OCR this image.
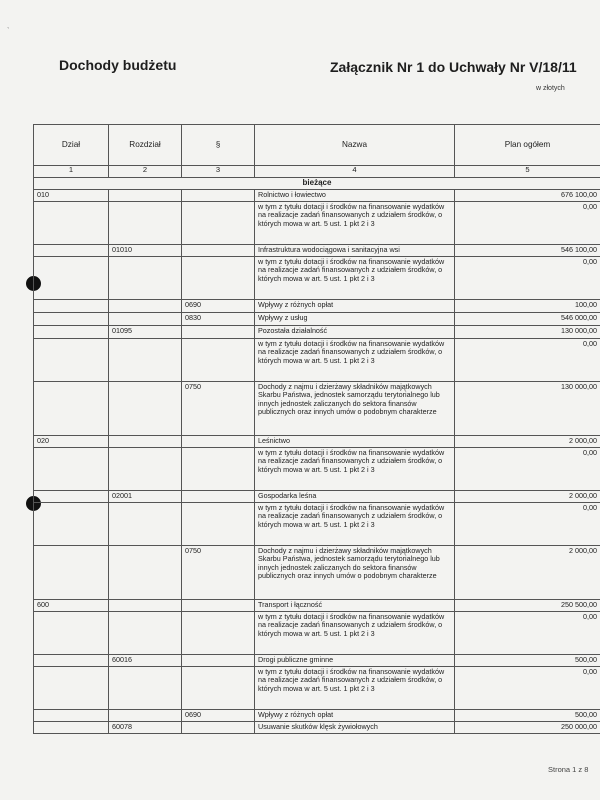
Dochody budżetu	Załącznik Nr 1 do Uchwały Nr V/18/11
w złotych
ˎ
Dział	Rozdział	§	Nazwa	Plan ogółem
1	2	3	4	5
bieżące				
010			Rolnictwo i łowiectwo	676 100,00
			w tym z tytułu dotacji i środków na finansowanie wydatków na realizacje zadań finansowanych z udziałem środków, o których mowa w art. 5 ust. 1 pkt 2 i 3	0,00
	01010		Infrastruktura wodociągowa i sanitacyjna wsi	546 100,00
			w tym z tytułu dotacji i środków na finansowanie wydatków na realizacje zadań finansowanych z udziałem środków, o których mowa w art. 5 ust. 1 pkt 2 i 3	0,00
		0690	Wpływy z różnych opłat	100,00
		0830	Wpływy z usług	546 000,00
	01095		Pozostała działalność	130 000,00
			w tym z tytułu dotacji i środków na finansowanie wydatków na realizacje zadań finansowanych z udziałem środków, o których mowa w art. 5 ust. 1 pkt 2 i 3	0,00
		0750	Dochody z najmu i dzierżawy składników majątkowych Skarbu Państwa, jednostek samorządu terytorialnego lub innych jednostek zaliczanych do sektora finansów publicznych oraz innych umów o podobnym charakterze	130 000,00
020			Leśnictwo	2 000,00
			w tym z tytułu dotacji i środków na finansowanie wydatków na realizacje zadań finansowanych z udziałem środków, o których mowa w art. 5 ust. 1 pkt 2 i 3	0,00
	02001		Gospodarka leśna	2 000,00
			w tym z tytułu dotacji i środków na finansowanie wydatków na realizacje zadań finansowanych z udziałem środków, o których mowa w art. 5 ust. 1 pkt 2 i 3	0,00
		0750	Dochody z najmu i dzierżawy składników majątkowych Skarbu Państwa, jednostek samorządu terytorialnego lub innych jednostek zaliczanych do sektora finansów publicznych oraz innych umów o podobnym charakterze	2 000,00
600			Transport i łączność	250 500,00
			w tym z tytułu dotacji i środków na finansowanie wydatków na realizacje zadań finansowanych z udziałem środków, o których mowa w art. 5 ust. 1 pkt 2 i 3	0,00
	60016		Drogi publiczne gminne	500,00
			w tym z tytułu dotacji i środków na finansowanie wydatków na realizacje zadań finansowanych z udziałem środków, o których mowa w art. 5 ust. 1 pkt 2 i 3	0,00
		0690	Wpływy z różnych opłat	500,00
	60078		Usuwanie skutków klęsk żywiołowych	250 000,00
Strona 1 z 8
